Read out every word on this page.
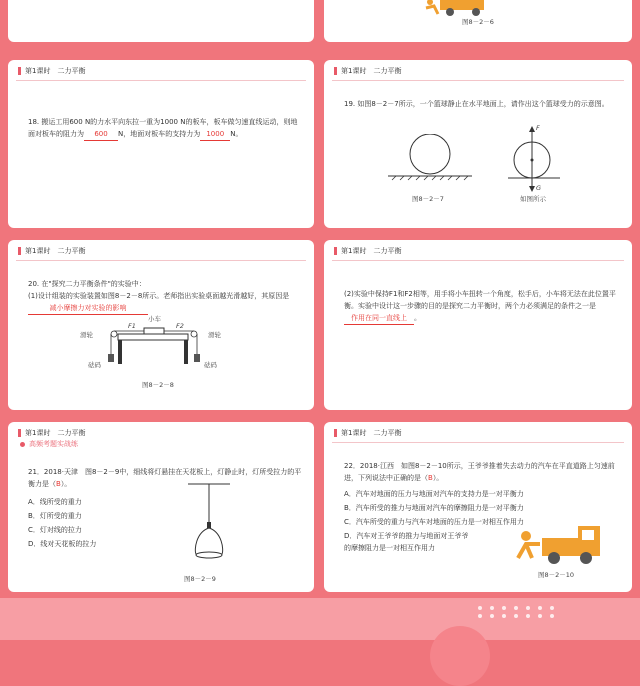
图8－2－6
第1课时　二力平衡
18. 搬运工用600 N的力水平向东拉一重为1000 N的板车，板车做匀速直线运动，则地面对板车的阻力为 600 N，地面对板车的支持力为 1000 N。
第1课时　二力平衡
19. 如图8－2－7所示，一个篮球静止在水平地面上，请作出这个篮球受力的示意图。
图8－2－7
F
G
如图所示
第1课时　二力平衡
20. 在"探究二力平衡条件"的实验中：
(1)设计组装的实验装置如图8－2－8所示。老师指出实验桌面越光滑越好，其原因是
减小摩擦力对实验的影响
小车
F1	F2
滑轮	滑轮
砝码	砝码
图8－2－8
第1课时　二力平衡
(2)实验中保持F1和F2相等，用手将小车扭转一个角度，松手后，小车将无法在此位置平衡。实验中设计这一步骤的目的是探究二力平衡时，两个力必须满足的条件之一是作用在同一直线上 。
第1课时　二力平衡
高频考题实战练
21．2018·天津　图8－2－9中，细线将灯悬挂在天花板上，灯静止时，灯所受拉力的平衡力是（B）。
A．线所受的重力
B．灯所受的重力
C．灯对线的拉力
D．线对天花板的拉力
图8－2－9
第1课时　二力平衡
22．2018·江西　如图8－2－10所示，王爷爷推着失去动力的汽车在平直道路上匀速前进，下列说法中正确的是（B）。
A．汽车对地面的压力与地面对汽车的支持力是一对平衡力
B．汽车所受的推力与地面对汽车的摩擦阻力是一对平衡力
C．汽车所受的重力与汽车对地面的压力是一对相互作用力
D．汽车对王爷爷的推力与地面对王爷爷
的摩擦阻力是一对相互作用力
图8－2－10
